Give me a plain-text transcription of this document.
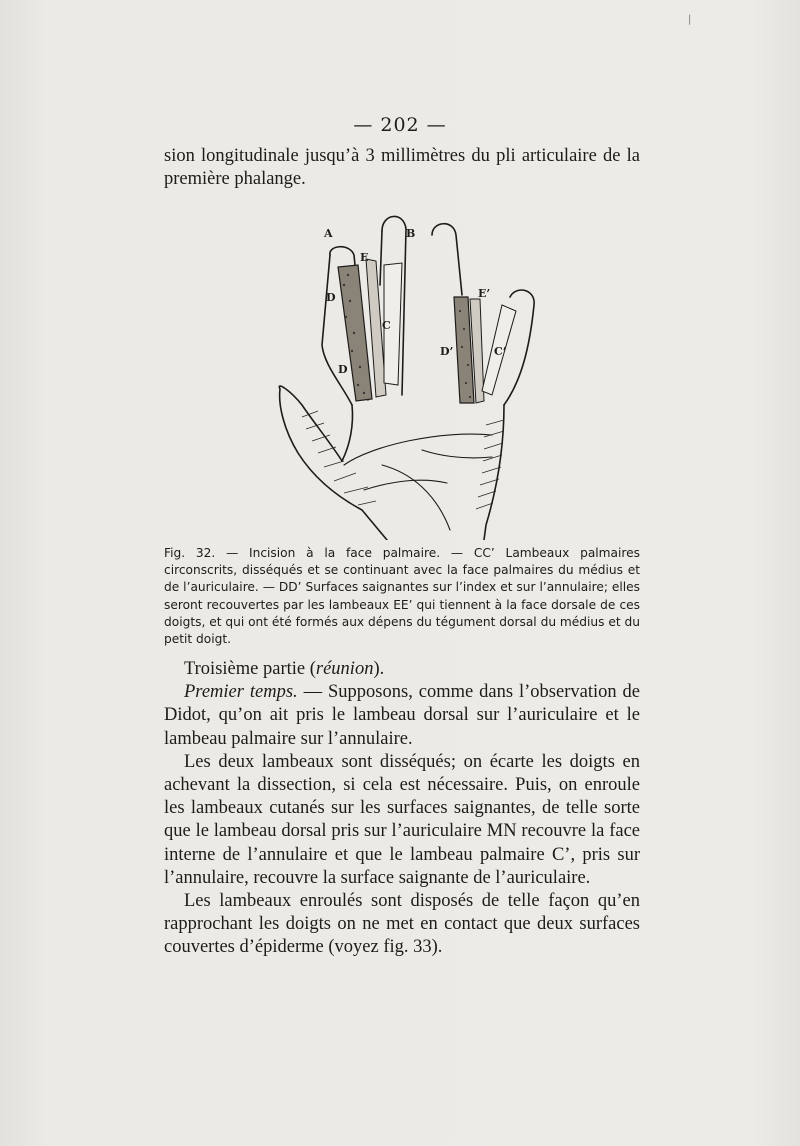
|
— 202 —

sion longitudinale jusqu’à 3 millimètres du pli articulaire de la première phalange.

A	B
E
E’
D
C
D’	C’
D

Fig. 32. — Incision à la face palmaire. — CC’ Lambeaux palmaires circonscrits, disséqués et se continuant avec la face palmaires du médius et de l’auriculaire. — DD’ Surfaces saignantes sur l’index et sur l’annulaire; elles seront recouvertes par les lambeaux EE’ qui tiennent à la face dorsale de ces doigts, et qui ont été formés aux dépens du tégument dorsal du médius et du petit doigt.

Troisième partie (réunion).

Premier temps. — Supposons, comme dans l’observation de Didot, qu’on ait pris le lambeau dorsal sur l’auriculaire et le lambeau palmaire sur l’annulaire.

Les deux lambeaux sont disséqués; on écarte les doigts en achevant la dissection, si cela est nécessaire. Puis, on enroule les lambeaux cutanés sur les surfaces saignantes, de telle sorte que le lambeau dorsal pris sur l’auriculaire MN recouvre la face interne de l’annulaire et que le lambeau palmaire C’, pris sur l’annulaire, recouvre la surface saignante de l’auriculaire.

Les lambeaux enroulés sont disposés de telle façon qu’en rapprochant les doigts on ne met en contact que deux surfaces couvertes d’épiderme (voyez fig. 33).
